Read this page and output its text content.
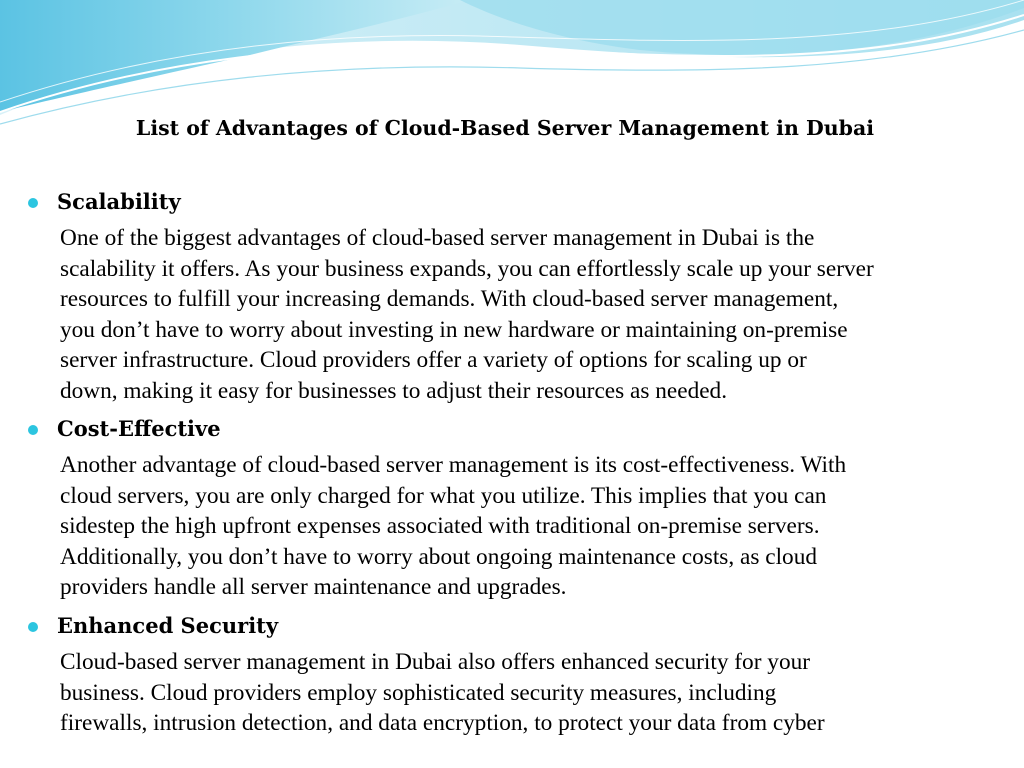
List of Advantages of Cloud-Based Server Management in Dubai
Scalability
One of the biggest advantages of cloud-based server management in Dubai is the
scalability it offers. As your business expands, you can effortlessly scale up your server
resources to fulfill your increasing demands. With cloud-based server management,
you don’t have to worry about investing in new hardware or maintaining on-premise
server infrastructure. Cloud providers offer a variety of options for scaling up or
down, making it easy for businesses to adjust their resources as needed.
Cost-Effective
Another advantage of cloud-based server management is its cost-effectiveness. With
cloud servers, you are only charged for what you utilize. This implies that you can
sidestep the high upfront expenses associated with traditional on-premise servers.
Additionally, you don’t have to worry about ongoing maintenance costs, as cloud
providers handle all server maintenance and upgrades.
Enhanced Security
Cloud-based server management in Dubai also offers enhanced security for your
business. Cloud providers employ sophisticated security measures, including
firewalls, intrusion detection, and data encryption, to protect your data from cyber
